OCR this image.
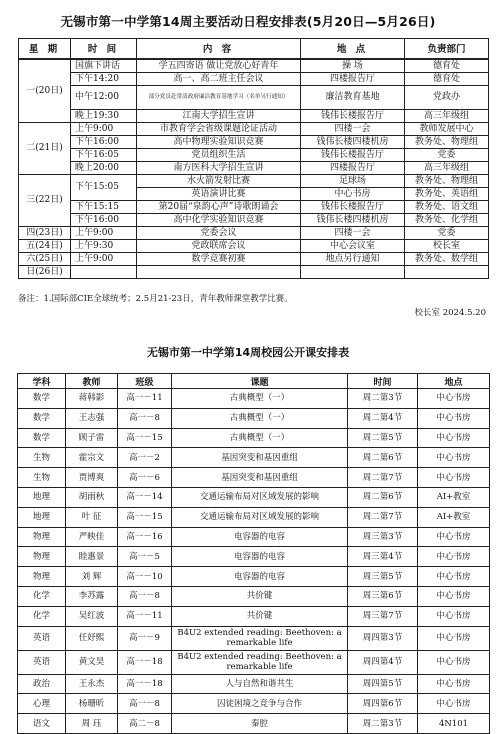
无锡市第一中学第14周主要活动日程安排表(5月20日—5月26日)
星 期	时 间	内 容	地 点	负责部门
一(20日)	国旗下讲话	学五四寄语 做让党放心好青年	操 场	德育处
	下午14:20	高一、高二班主任会议	四楼报告厅	德育处
	中午12:00	部分党员赴常清政府廉洁教育基地学习（名单另行通知）	廉洁教育基地	党政办
	晚上19:30	江南大学招生宣讲	钱伟长楼报告厅	高三年级组
二(21日)	上午9:00	市教育学会省级课题论证活动	四楼一会	教师发展中心
	下午16:00	高中物理实验知识竞赛	钱伟长楼四楼机房	教务处、物理组
	下午16:05	党员组织生活	钱伟长楼报告厅	党委
	晚上20:00	南方医科大学招生宣讲	四楼报告厅	高三年级组
三(22日)	下午15:05	水火箭发射比赛	足球场	教务处、物理组
		英语演讲比赛	中心书房	教务处、英语组
	下午15:15	第20届“泉韵心声”诗歌朗诵会	钱伟长楼报告厅	教务处、语文组
	下午16:00	高中化学实验知识竞赛	钱伟长楼四楼机房	教务处、化学组
四(23日)	上午9:00	党委会议	四楼一会	党委
五(24日)	上午9:30	党政联席会议	中心会议室	校长室
六(25日)	上午9:00	数学竞赛初赛	地点另行通知	教务处、数学组
日(26日)				
备注：1.国际部CIE全球统考；2.5月21-23日，青年教师课堂教学比赛。
校长室 2024.5.20
无锡市第一中学第14周校园公开课安排表
学科	教师	班级	课题	时间	地点
数学	蒋韩影	高一－11	古典概型（一）	周二第3节	中心书房
数学	王志强	高一－8	古典概型（一）	周二第4节	中心书房
数学	顾子雷	高一－15	古典概型（一）	周二第5节	中心书房
生物	霍宗文	高一－2	基因突变和基因重组	周二第6节	中心书房
生物	贾博爽	高一－6	基因突变和基因重组	周二第7节	中心书房
地理	胡雨秋	高一－14	交通运输布局对区域发展的影响	周二第6节	AI+教室
地理	叶 征	高一－15	交通运输布局对区域发展的影响	周二第7节	AI+教室
物理	严映佳	高一－16	电容器的电容	周三第3节	中心书房
物理	睦惠景	高一－5	电容器的电容	周三第4节	中心书房
物理	刘 辉	高一－10	电容器的电容	周三第5节	中心书房
化学	李苏露	高一－8	共价键	周三第6节	中心书房
化学	吴红波	高一－11	共价键	周三第7节	中心书房
英语	任妤熙	高一－9	B4U2 extended reading: Beethoven: a remarkable life	周四第3节	中心书房
英语	黄文昊	高一－18	B4U2 extended reading: Beethoven: a remarkable life	周四第4节	中心书房
政治	王永杰	高一－18	人与自然和谐共生	周四第5节	中心书房
心理	杨珊昕	高一－8	囚徒困境之竞争与合作	周四第6节	中心书房
语文	周 珏	高二－8	秦腔	周二第3节	4N101
